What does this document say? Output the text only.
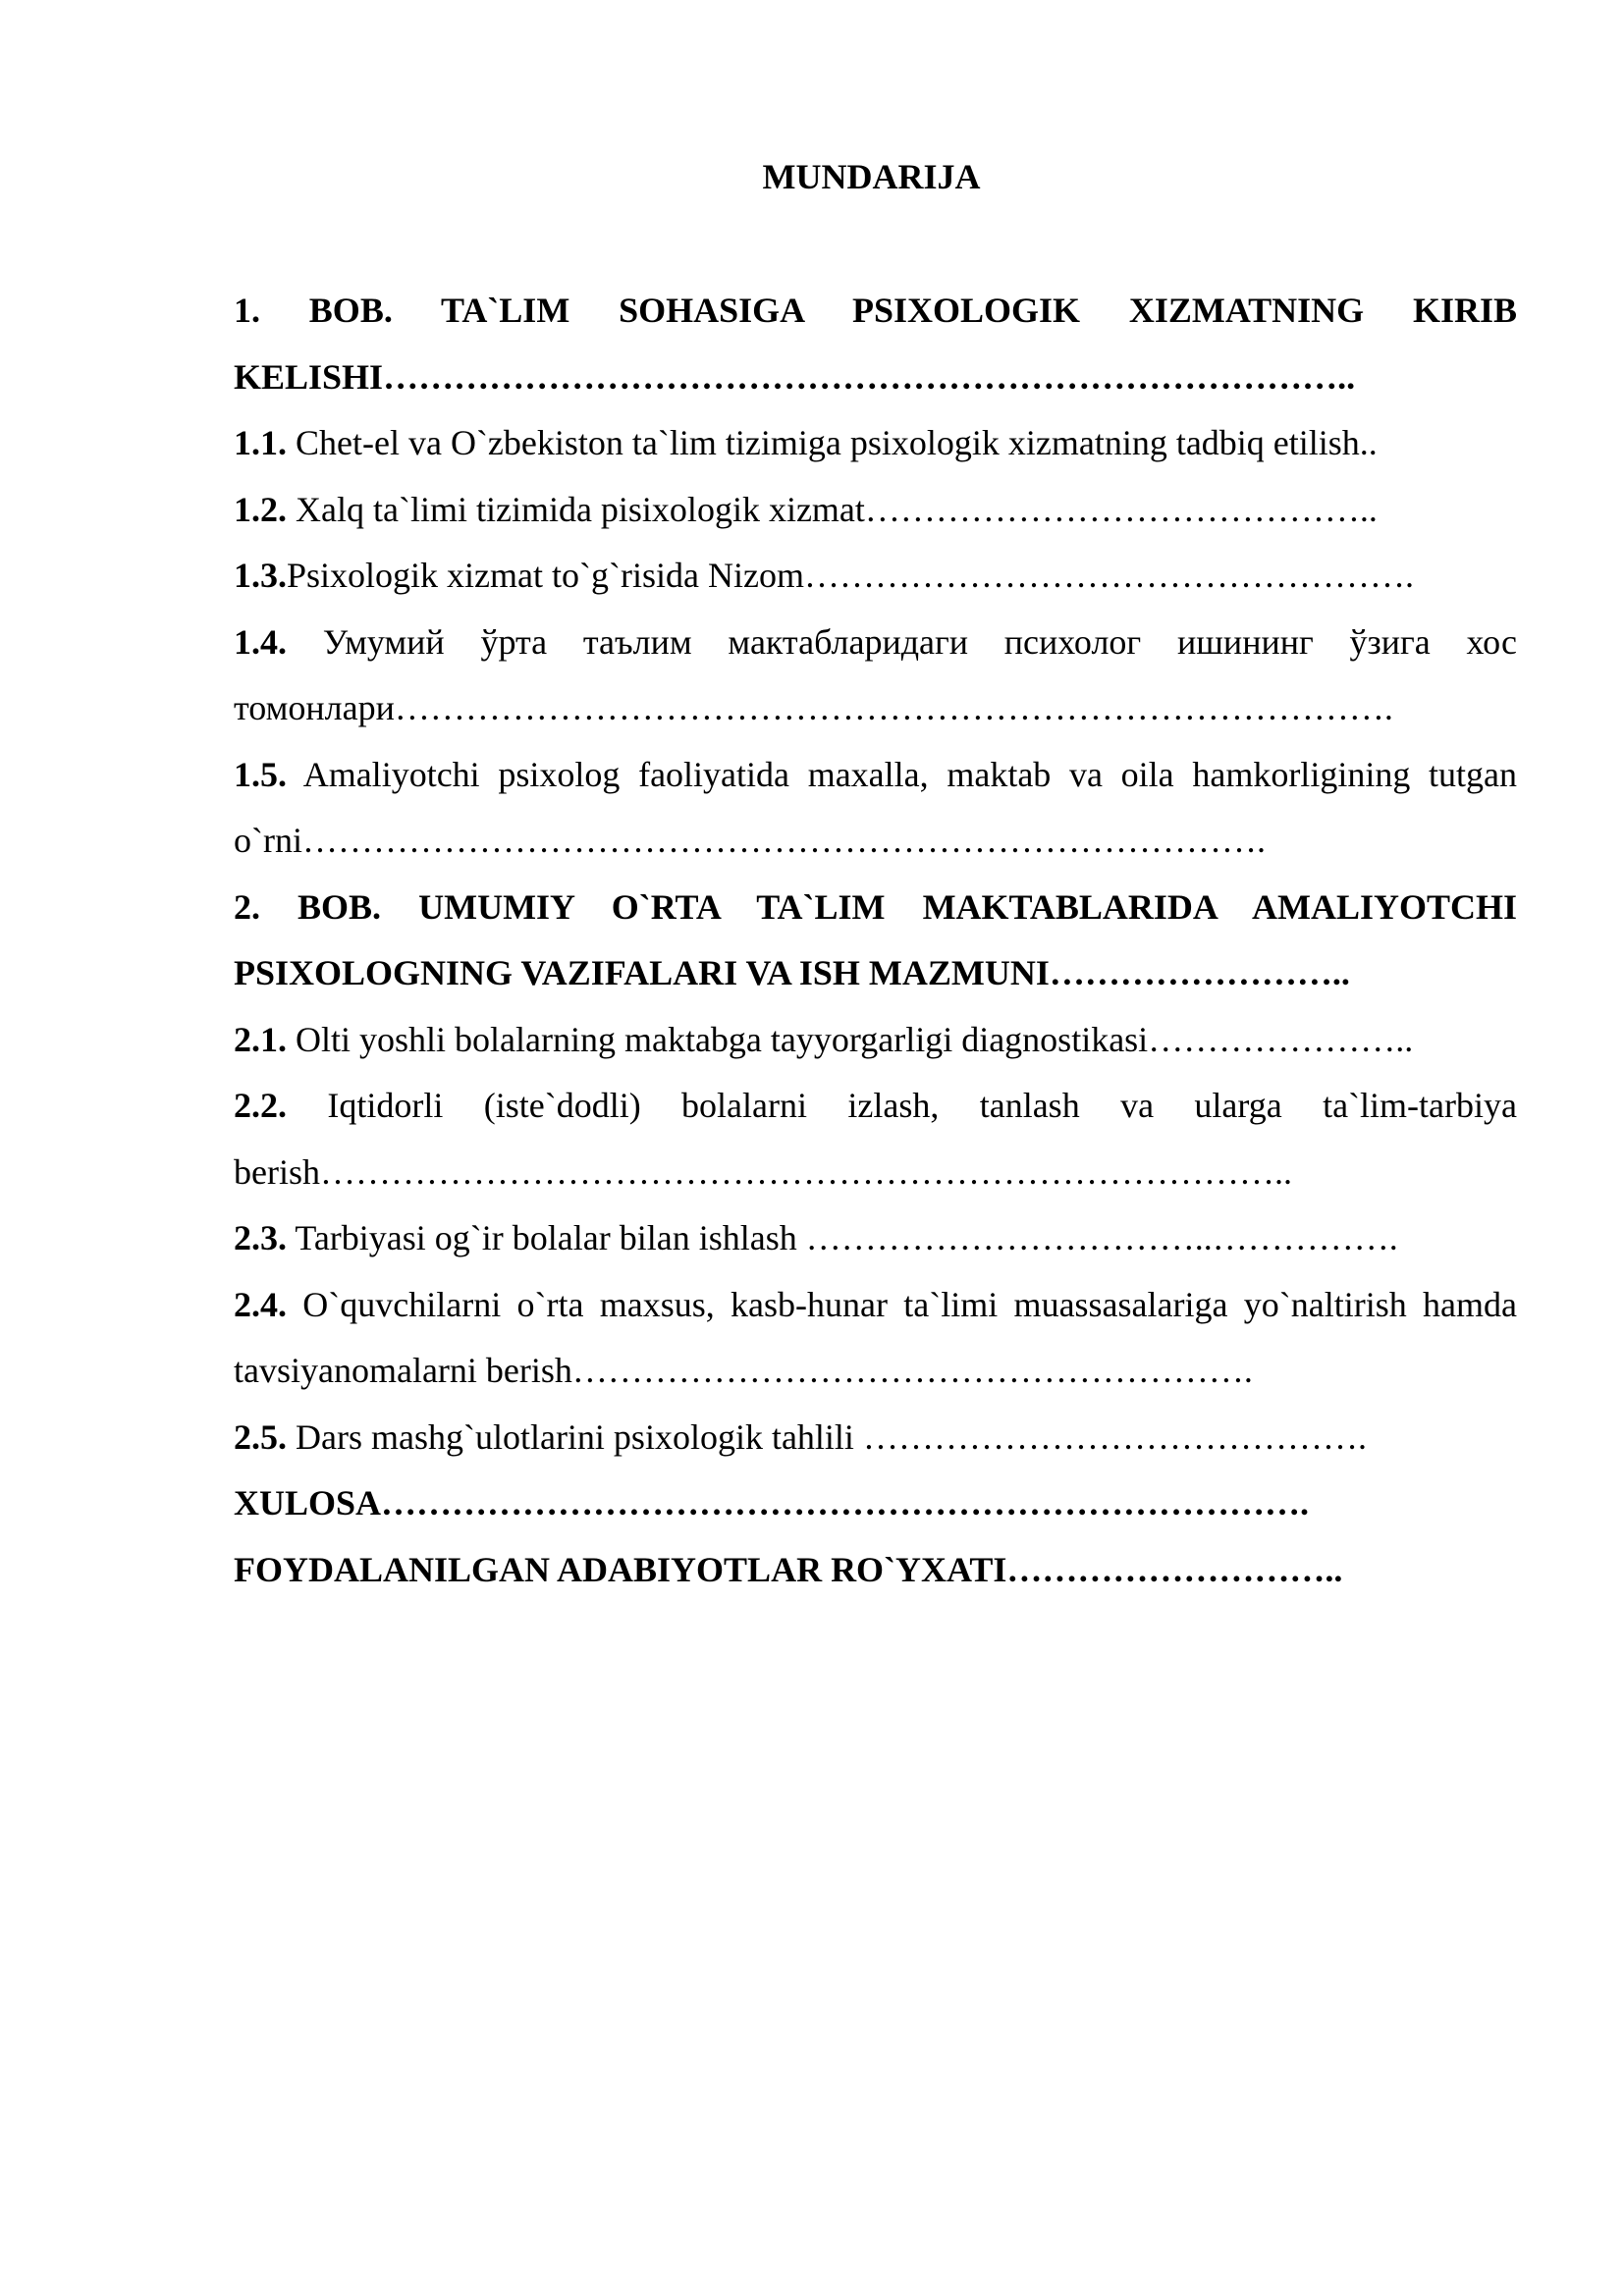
MUNDARIJA
1. BOB. TA`LIM SOHASIGA PSIXOLOGIK XIZMATNING KIRIB KELISHI………………………………………………………………………..
1.1. Chet-el va O`zbekiston ta`lim tizimiga psixologik xizmatning tadbiq etilish..
1.2. Xalq ta`limi tizimida pisixologik xizmat……………………………………..
1.3.Psixologik xizmat to`g`risida Nizom…………………………………………….
1.4. Умумий ўрта таълим мактабларидаги психолог ишининг ўзига хос томонлари………………………………………………………………………….
1.5. Amaliyotchi psixolog faoliyatida maxalla, maktab va oila hamkorligining tutgan o`rni……………………………………………………………………….
2. BOB. UMUMIY O`RTA TA`LIM MAKTABLARIDA AMALIYOTCHI PSIXOLOGNING VAZIFALARI VA ISH MAZMUNI……………………..
2.1. Olti yoshli bolalarning maktabga tayyorgarligi diagnostikasi…………………..
2.2. Iqtidorli (iste`dodli) bolalarni izlash, tanlash va ularga ta`lim-tarbiya berish………………………………………………………………………..
2.3. Tarbiyasi og`ir bolalar bilan ishlash ……………………………..…………….
2.4. O`quvchilarni o`rta maxsus, kasb-hunar ta`limi muassasalariga yo`naltirish hamda tavsiyanomalarni berish………………………………………………….
2.5. Dars mashg`ulotlarini psixologik tahlili …………………………………….
XULOSA…………………………………………………………………….
FOYDALANILGAN ADABIYOTLAR RO`YXATI………………………..
